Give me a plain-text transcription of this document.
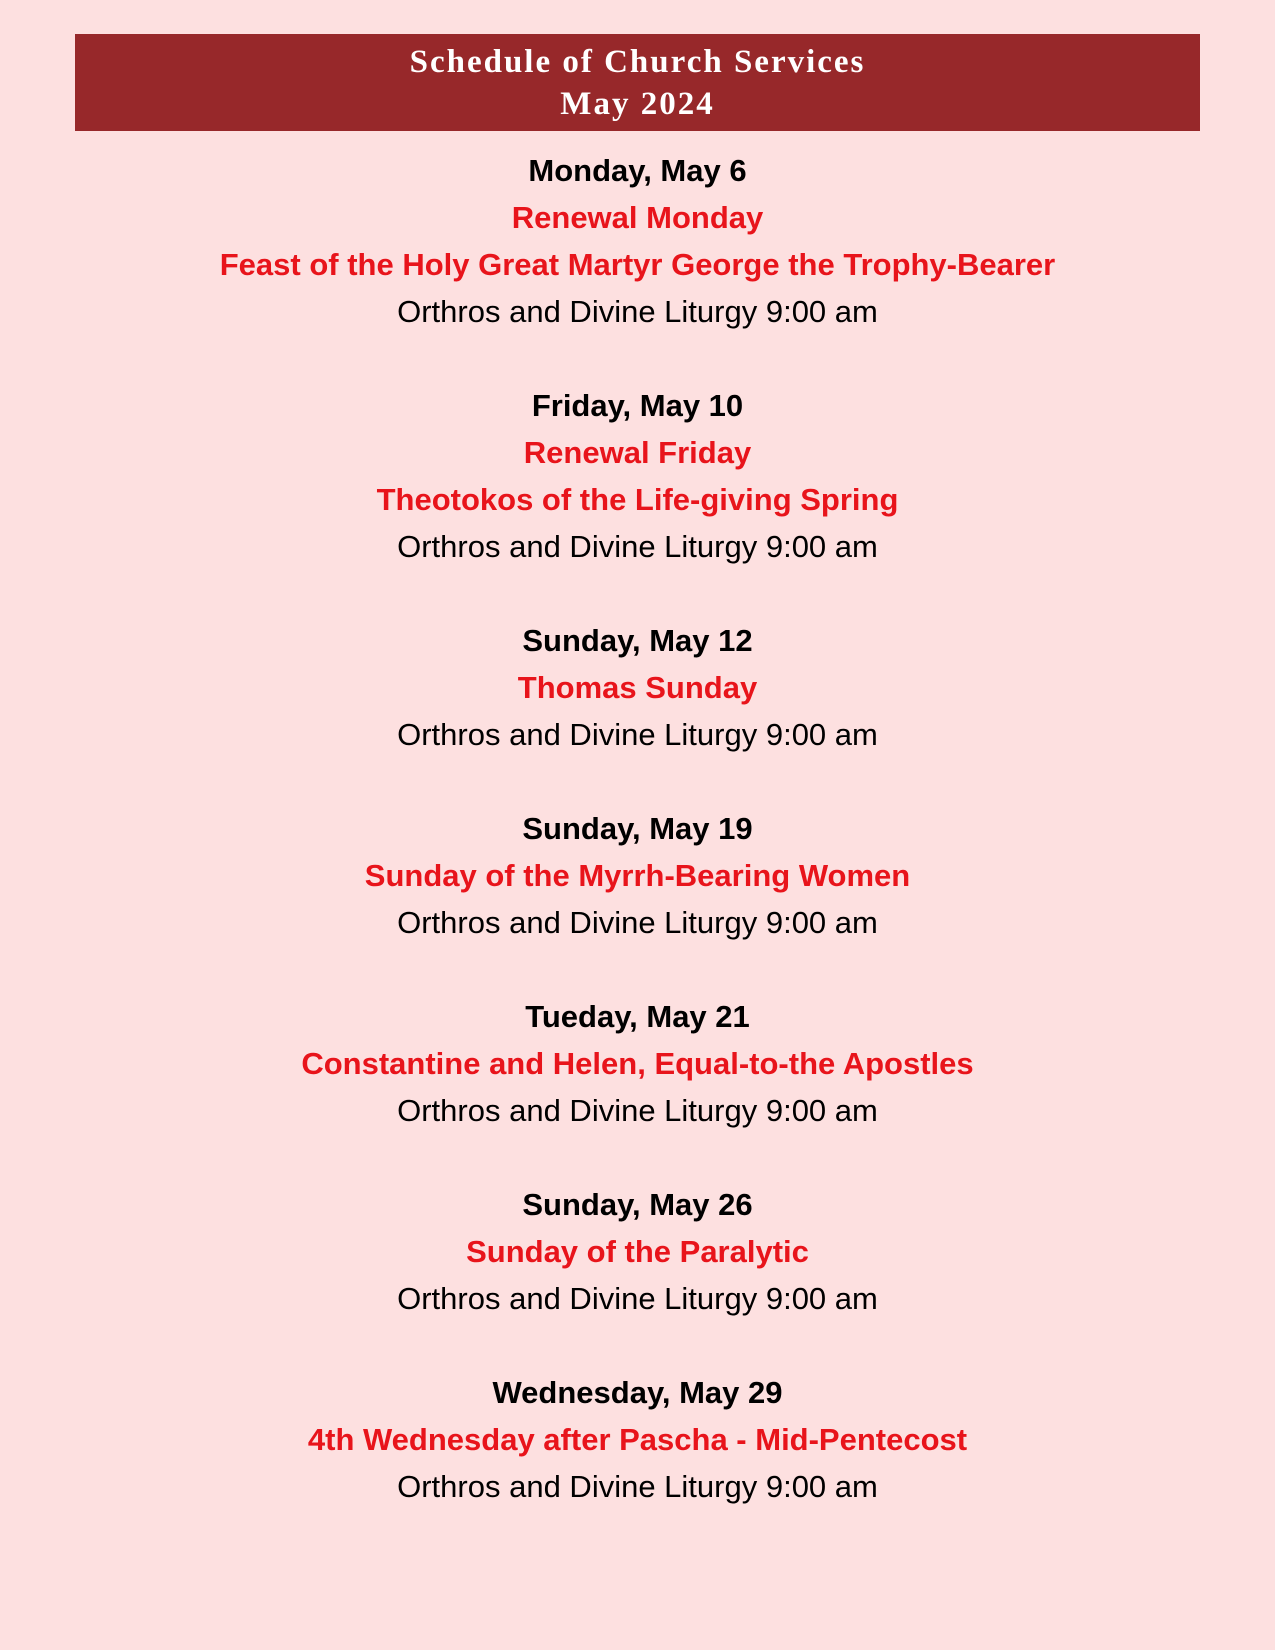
Schedule of Church Services
May 2024
Monday, May 6
Renewal Monday
Feast of the Holy Great Martyr George the Trophy-Bearer
Orthros and Divine Liturgy 9:00 am
Friday, May 10
Renewal Friday
Theotokos of the Life-giving Spring
Orthros and Divine Liturgy 9:00 am
Sunday, May 12
Thomas Sunday
Orthros and Divine Liturgy 9:00 am
Sunday, May 19
Sunday of the Myrrh-Bearing Women
Orthros and Divine Liturgy 9:00 am
Tueday, May 21
Constantine and Helen, Equal-to-the Apostles
Orthros and Divine Liturgy 9:00 am
Sunday, May 26
Sunday of the Paralytic
Orthros and Divine Liturgy 9:00 am
Wednesday, May 29
4th Wednesday after Pascha - Mid-Pentecost
Orthros and Divine Liturgy 9:00 am
